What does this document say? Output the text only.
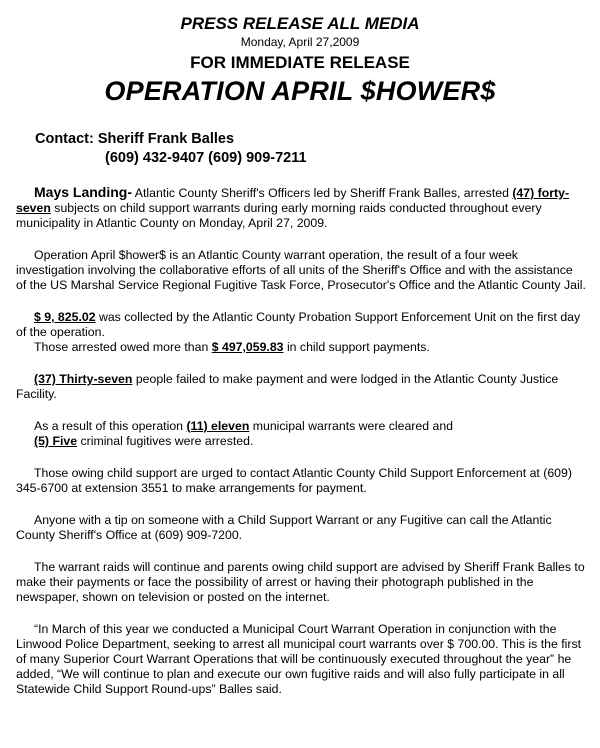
PRESS RELEASE ALL MEDIA
Monday, April 27,2009
FOR IMMEDIATE RELEASE
OPERATION APRIL $HOWER$
Contact: Sheriff Frank Balles
(609) 432-9407 (609) 909-7211

Mays Landing- Atlantic County Sheriff's Officers led by Sheriff Frank Balles, arrested (47) forty-seven subjects on child support warrants during early morning raids conducted throughout every municipality in Atlantic County on Monday, April 27, 2009.

Operation April $hower$ is an Atlantic County warrant operation, the result of a four week investigation involving the collaborative efforts of all units of the Sheriff's Office and with the assistance of the US Marshal Service Regional Fugitive Task Force, Prosecutor's Office and the Atlantic County Jail.

$ 9, 825.02 was collected by the Atlantic County Probation Support Enforcement Unit on the first day of the operation.
Those arrested owed more than $ 497,059.83 in child support payments.

(37) Thirty-seven people failed to make payment and were lodged in the Atlantic County Justice Facility.

As a result of this operation (11) eleven municipal warrants were cleared and
(5) Five criminal fugitives were arrested.

Those owing child support are urged to contact Atlantic County Child Support Enforcement at (609) 345-6700 at extension 3551 to make arrangements for payment.

Anyone with a tip on someone with a Child Support Warrant or any Fugitive can call the Atlantic County Sheriff's Office at (609) 909-7200.

The warrant raids will continue and parents owing child support are advised by Sheriff Frank Balles to make their payments or face the possibility of arrest or having their photograph published in the newspaper, shown on television or posted on the internet.

“In March of this year we conducted a Municipal Court Warrant Operation in conjunction with the Linwood Police Department, seeking to arrest all municipal court warrants over $ 700.00. This is the first of many Superior Court Warrant Operations that will be continuously executed throughout the year” he added, “We will continue to plan and execute our own fugitive raids and will also fully participate in all Statewide Child Support Round-ups” Balles said.
